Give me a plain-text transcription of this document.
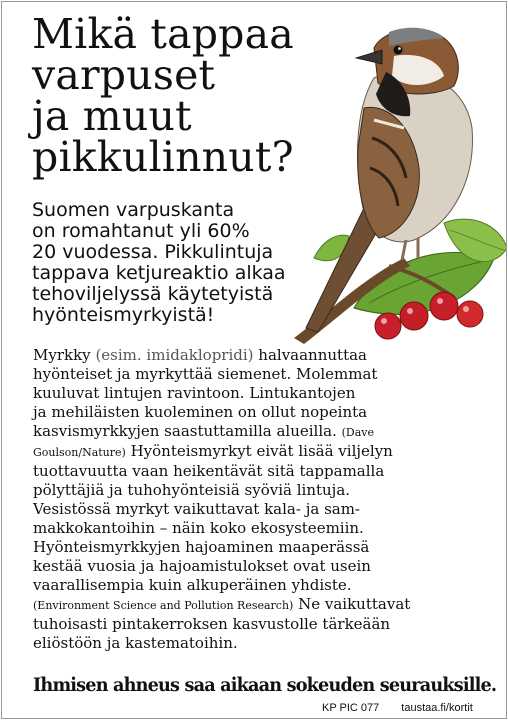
Mikä tappaa
varpuset
ja muut
pikkulinnut?
Suomen varpuskanta
on romahtanut yli 60%
20 vuodessa. Pikkulintuja
tappava ketjureaktio alkaa
tehoviljelyssä käytetyistä
hyönteismyrkyistä!
Myrkky (esim. imidaklopridi) halvaannuttaa
hyönteiset ja myrkyttää siemenet. Molemmat
kuuluvat lintujen ravintoon. Lintukantojen
ja mehiläisten kuoleminen on ollut nopeinta
kasvismyrkkyjen saastuttamilla alueilla. (Dave
Goulson/Nature) Hyönteismyrkyt eivät lisää viljelyn
tuottavuutta vaan heikentävät sitä tappamalla
pölyttäjiä ja tuhohyönteisiä syöviä lintuja.
Vesistössä myrkyt vaikuttavat kala- ja sam-
makkokantoihin – näin koko ekosysteemiin.
Hyönteismyrkkyjen hajoaminen maaperässä
kestää vuosia ja hajoamistulokset ovat usein
vaarallisempia kuin alkuperäinen yhdiste.
(Environment Science and Pollution Research) Ne vaikuttavat
tuhoisasti pintakerroksen kasvustolle tärkeään
eliöstöön ja kastematoihin.
Ihmisen ahneus saa aikaan sokeuden seurauksille.
KP PIC 077 taustaa.fi/kortit
